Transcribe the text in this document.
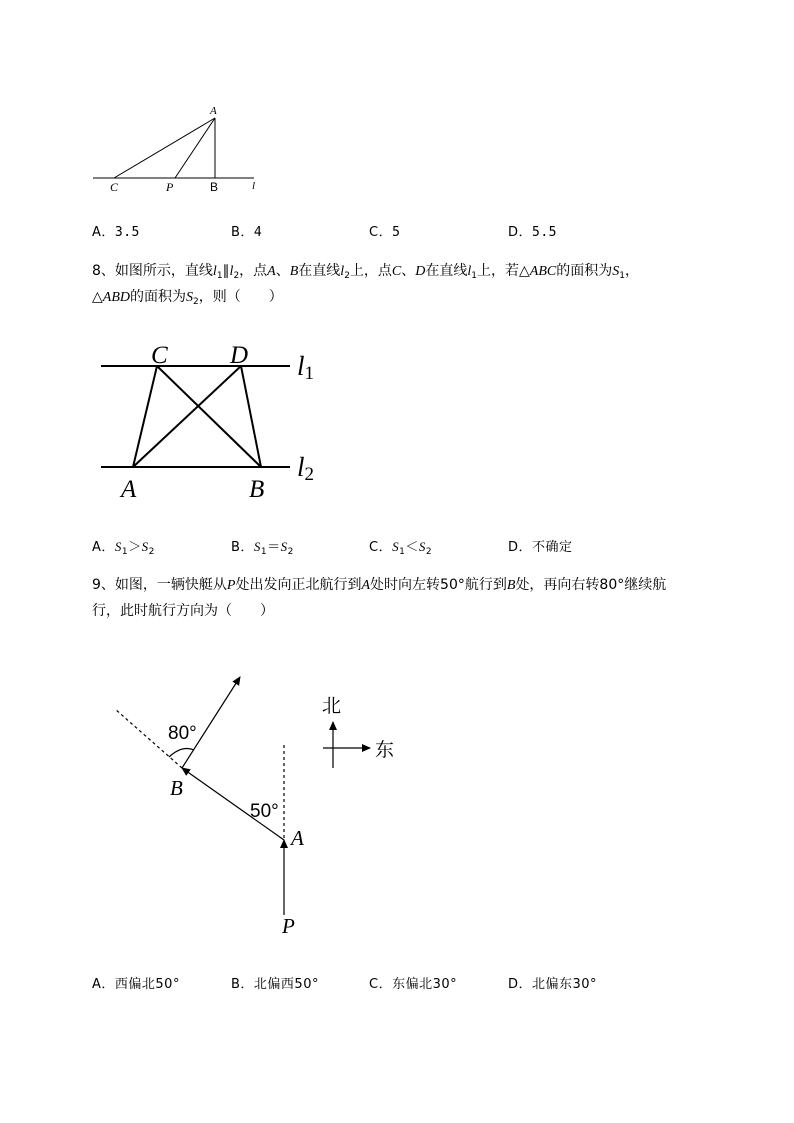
A
C	P	B	l
A．3.5	B．4	C．5	D．5.5
8、如图所示，直线$l_1\parallel l_2$，点A、B在直线$l_2$上，点C、D在直线$l_1$上，若△ABC的面积为$S_1$，
△ABD的面积为$S_2$，则（　　）
C D
A	B
l1
l2
A．$S_1>S_2$	B．$S_1=S_2$	C．$S_1<S_2$	D．不确定
9、如图，一辆快艇从P处出发向正北航行到A处时向左转50°航行到B处，再向右转80°继续航
行，此时航行方向为（　　）
80°
50°
B
A
P
北
东
A．西偏北50°	B．北偏西50°	C．东偏北30°	D．北偏东30°
